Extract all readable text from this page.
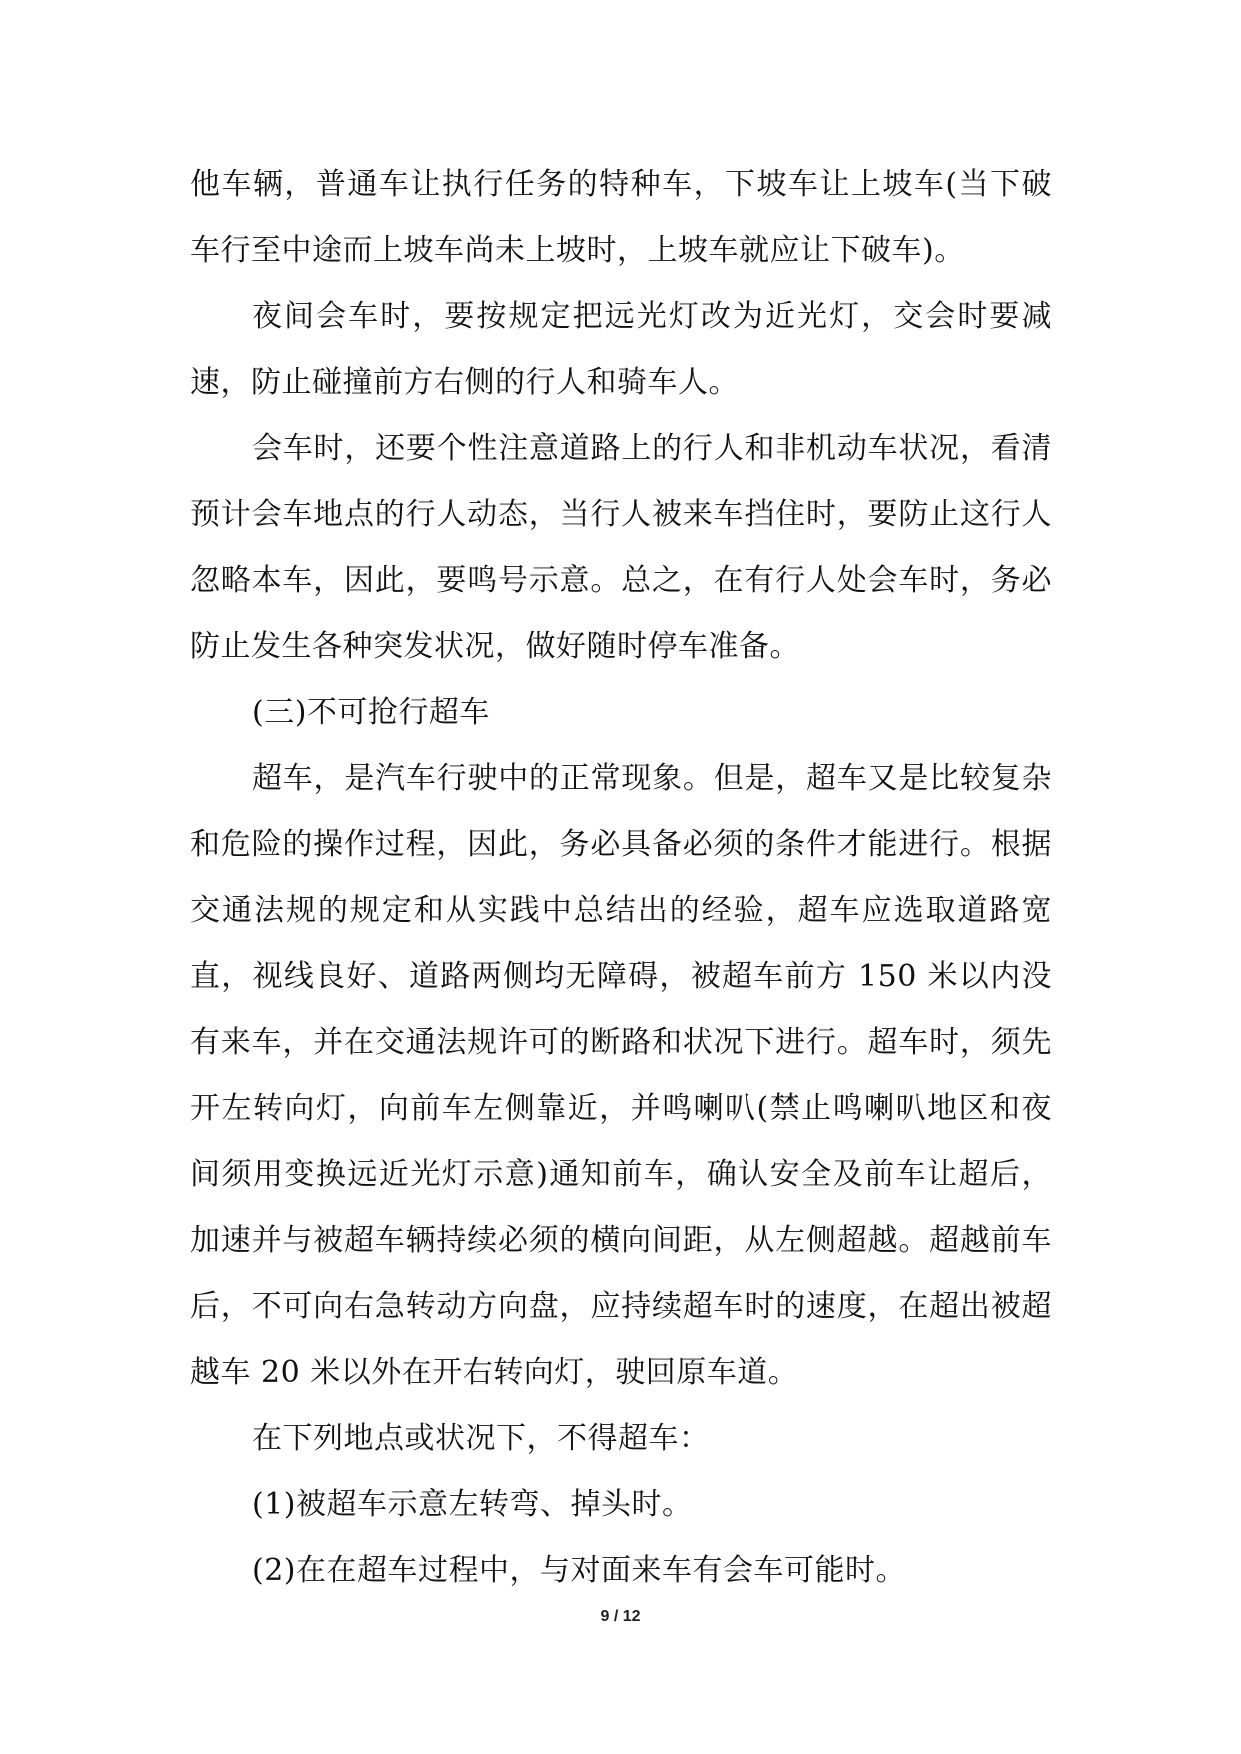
他车辆，普通车让执行任务的特种车，下坡车让上坡车(当下破车行至中途而上坡车尚未上坡时，上坡车就应让下破车)。

夜间会车时，要按规定把远光灯改为近光灯，交会时要减速，防止碰撞前方右侧的行人和骑车人。

会车时，还要个性注意道路上的行人和非机动车状况，看清预计会车地点的行人动态，当行人被来车挡住时，要防止这行人忽略本车，因此，要鸣号示意。总之，在有行人处会车时，务必防止发生各种突发状况，做好随时停车准备。

(三)不可抢行超车

超车，是汽车行驶中的正常现象。但是，超车又是比较复杂和危险的操作过程，因此，务必具备必须的条件才能进行。根据交通法规的规定和从实践中总结出的经验，超车应选取道路宽直，视线良好、道路两侧均无障碍，被超车前方 150 米以内没有来车，并在交通法规许可的断路和状况下进行。超车时，须先开左转向灯，向前车左侧靠近，并鸣喇叭(禁止鸣喇叭地区和夜间须用变换远近光灯示意)通知前车，确认安全及前车让超后，加速并与被超车辆持续必须的横向间距，从左侧超越。超越前车后，不可向右急转动方向盘，应持续超车时的速度，在超出被超越车 20 米以外在开右转向灯，驶回原车道。

在下列地点或状况下，不得超车：

(1)被超车示意左转弯、掉头时。

(2)在在超车过程中，与对面来车有会车可能时。

9 / 12
